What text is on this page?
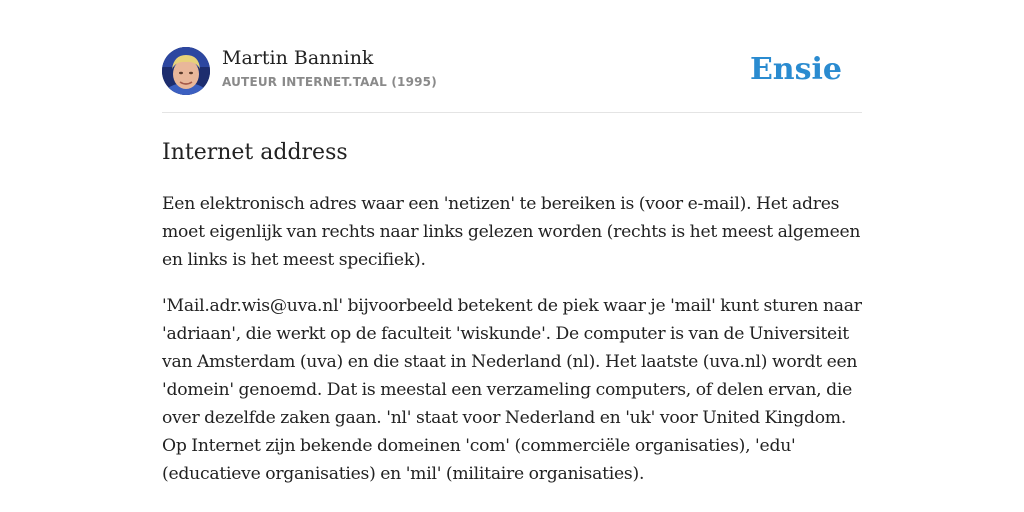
Martin Bannink
AUTEUR INTERNET.TAAL (1995)	Ensie
Internet address

Een elektronisch adres waar een 'netizen' te bereiken is (voor e-mail). Het adres moet eigenlijk van rechts naar links gelezen worden (rechts is het meest algemeen en links is het meest specifiek).

'Mail.adr.wis@uva.nl' bijvoorbeeld betekent de piek waar je 'mail' kunt sturen naar 'adriaan', die werkt op de faculteit 'wiskunde'. De computer is van de Universiteit van Amsterdam (uva) en die staat in Nederland (nl). Het laatste (uva.nl) wordt een 'domein' genoemd. Dat is meestal een verzameling computers, of delen ervan, die over dezelfde zaken gaan. 'nl' staat voor Nederland en 'uk' voor United Kingdom. Op Internet zijn bekende domeinen 'com' (commerciële organisaties), 'edu' (educatieve organisaties) en 'mil' (militaire organisaties).
